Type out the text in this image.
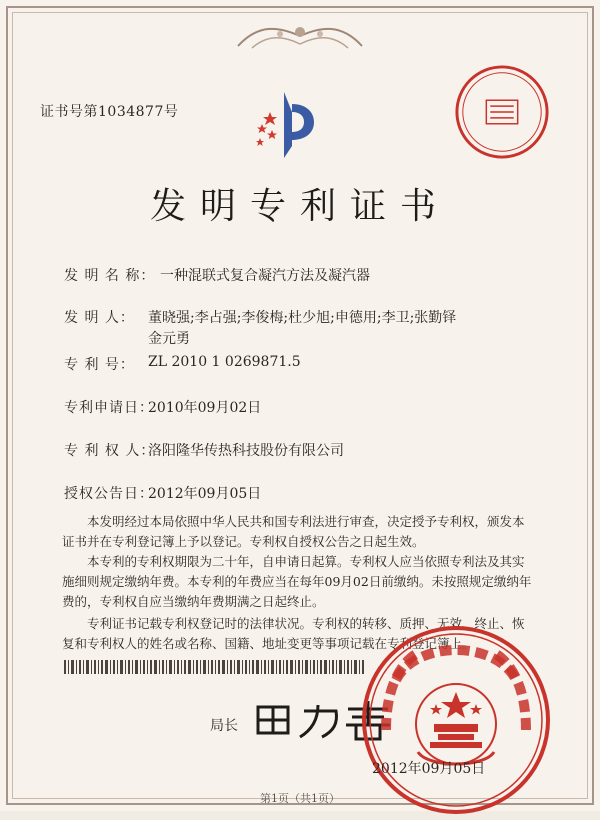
证书号第1034877号
发明专利证书
发 明 名 称： 一种混联式复合凝汽方法及凝汽器
发 明 人： 董晓强;李占强;李俊梅;杜少旭;申德用;李卫;张勤铎
金元勇
专 利 号： ZL 2010 1 0269871.5
专利申请日：
2010年09月02日
专 利 权 人：
洛阳隆华传热科技股份有限公司
授权公告日：
2012年09月05日

本发明经过本局依照中华人民共和国专利法进行审查，决定授予专利权，颁发本证书并在专利登记簿上予以登记。专利权自授权公告之日起生效。

本专利的专利权期限为二十年，自申请日起算。专利权人应当依照专利法及其实施细则规定缴纳年费。本专利的年费应当在每年09月02日前缴纳。未按照规定缴纳年费的，专利权自应当缴纳年费期满之日起终止。

专利证书记载专利权登记时的法律状况。专利权的转移、质押、无效、终止、恢复和专利权人的姓名或名称、国籍、地址变更等事项记载在专利登记簿上。

局长
2012年09月05日
第1页（共1页）
